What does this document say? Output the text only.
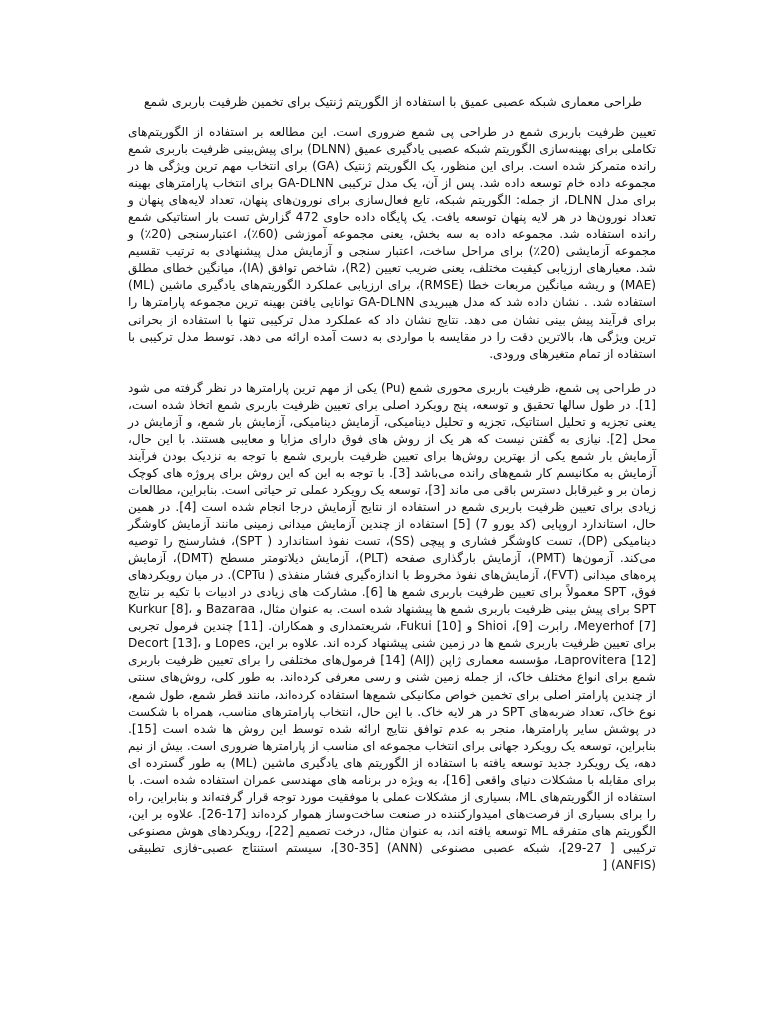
طراحی معماری شبکه عصبی عمیق با استفاده از الگوریتم ژنتیک برای تخمین ظرفیت باربری شمع

تعیین ظرفیت باربری شمع در طراحی پی شمع ضروری است. این مطالعه بر استفاده از الگوریتم‌های تکاملی برای بهینه‌سازی الگوریتم شبکه عصبی یادگیری عمیق (DLNN) برای پیش‌بینی ظرفیت باربری شمع رانده متمرکز شده است. برای این منظور، یک الگوریتم ژنتیک (GA) برای انتخاب مهم ترین ویژگی ها در مجموعه داده خام توسعه داده شد. پس از آن، یک مدل ترکیبی GA-DLNN برای انتخاب پارامترهای بهینه برای مدل DLNN، از جمله: الگوریتم شبکه، تابع فعال‌سازی برای نورون‌های پنهان، تعداد لایه‌های پنهان و تعداد نورون‌ها در هر لایه پنهان توسعه یافت. یک پایگاه داده حاوی 472 گزارش تست بار استاتیکی شمع رانده استفاده شد. مجموعه داده به سه بخش، یعنی مجموعه آموزشی (60٪)، اعتبارسنجی (20٪) و مجموعه آزمایشی (20٪) برای مراحل ساخت، اعتبار سنجی و آزمایش مدل پیشنهادی به ترتیب تقسیم شد. معیارهای ارزیابی کیفیت مختلف، یعنی ضریب تعیین (R2)، شاخص توافق (IA)، میانگین خطای مطلق (MAE) و ریشه میانگین مربعات خطا (RMSE)، برای ارزیابی عملکرد الگوریتم‌های یادگیری ماشین (ML) استفاده شد. . نشان داده شد که مدل هیبریدی GA-DLNN توانایی یافتن بهینه ترین مجموعه پارامترها را برای فرآیند پیش بینی نشان می دهد. نتایج نشان داد که عملکرد مدل ترکیبی تنها با استفاده از بحرانی ترین ویژگی ها، بالاترین دقت را در مقایسه با مواردی به دست آمده ارائه می دهد. توسط مدل ترکیبی با استفاده از تمام متغیرهای ورودی.

در طراحی پی شمع، ظرفیت باربری محوری شمع (Pu) یکی از مهم ترین پارامترها در نظر گرفته می شود [1]. در طول سالها تحقیق و توسعه، پنج رویکرد اصلی برای تعیین ظرفیت باربری شمع اتخاذ شده است، یعنی تجزیه و تحلیل استاتیک، تجزیه و تحلیل دینامیکی، آزمایش دینامیکی، آزمایش بار شمع، و آزمایش در محل [2]. نیازی به گفتن نیست که هر یک از روش های فوق دارای مزایا و معایبی هستند. با این حال، آزمایش بار شمع یکی از بهترین روش‌ها برای تعیین ظرفیت باربری شمع با توجه به نزدیک بودن فرآیند آزمایش به مکانیسم کار شمع‌های رانده می‌باشد [3]. با توجه به این که این روش برای پروژه های کوچک زمان بر و غیرقابل دسترس باقی می ماند [3]، توسعه یک رویکرد عملی تر حیاتی است. بنابراین، مطالعات زیادی برای تعیین ظرفیت باربری شمع در استفاده از نتایج آزمایش درجا انجام شده است [4]. در همین حال، استاندارد اروپایی (کد یورو 7) [5] استفاده از چندین آزمایش میدانی زمینی مانند آزمایش کاوشگر دینامیکی (DP)، تست کاوشگر فشاری و پیچی (SS)، تست نفوذ استاندارد ( SPT)، فشارسنج را توصیه می‌کند. آزمون‌ها (PMT)، آزمایش بارگذاری صفحه (PLT)، آزمایش دیلاتومتر مسطح (DMT)، آزمایش پره‌های میدانی (FVT)، آزمایش‌های نفوذ مخروط با اندازه‌گیری فشار منفذی ( CPTu). در میان رویکردهای فوق، SPT معمولاً برای تعیین ظرفیت باربری شمع ها [6]. مشارکت های زیادی در ادبیات با تکیه بر نتایج SPT برای پیش بینی ظرفیت باربری شمع ها پیشنهاد شده است. به عنوان مثال، Bazaraa و Kurkur [8]، Meyerhof [7]، رابرت [9]، Shioi و Fukui [10]، شریعتمداری و همکاران. [11] چندین فرمول تجربی برای تعیین ظرفیت باربری شمع ها در زمین شنی پیشنهاد کرده اند. علاوه بر این، Lopes و Decort [13]، Laprovitera [12]، مؤسسه معماری ژاپن (AIJ) [14] فرمول‌های مختلفی را برای تعیین ظرفیت باربری شمع برای انواع مختلف خاک، از جمله زمین شنی و رسی معرفی کرده‌اند. به طور کلی، روش‌های سنتی از چندین پارامتر اصلی برای تخمین خواص مکانیکی شمع‌ها استفاده کرده‌اند، مانند قطر شمع، طول شمع، نوع خاک، تعداد ضربه‌های SPT در هر لایه خاک. با این حال، انتخاب پارامترهای مناسب، همراه با شکست در پوشش سایر پارامترها، منجر به عدم توافق نتایج ارائه شده توسط این روش ها شده است [15]. بنابراین، توسعه یک رویکرد جهانی برای انتخاب مجموعه ای مناسب از پارامترها ضروری است. بیش از نیم دهه، یک رویکرد جدید توسعه یافته با استفاده از الگوریتم های یادگیری ماشین (ML) به طور گسترده ای برای مقابله با مشکلات دنیای واقعی [16]، به ویژه در برنامه های مهندسی عمران استفاده شده است. با استفاده از الگوریتم‌های ML، بسیاری از مشکلات عملی با موفقیت مورد توجه قرار گرفته‌اند و بنابراین، راه را برای بسیاری از فرصت‌های امیدوارکننده در صنعت ساخت‌وساز هموار کرده‌اند [17-26]. علاوه بر این، الگوریتم های متفرقه ML توسعه یافته اند، به عنوان مثال، درخت تصمیم [22]، رویکردهای هوش مصنوعی ترکیبی [ 27-29]، شبکه عصبی مصنوعی (ANN) [30-35]، سیستم استنتاج عصبی-فازی تطبیقی (ANFIS) [
